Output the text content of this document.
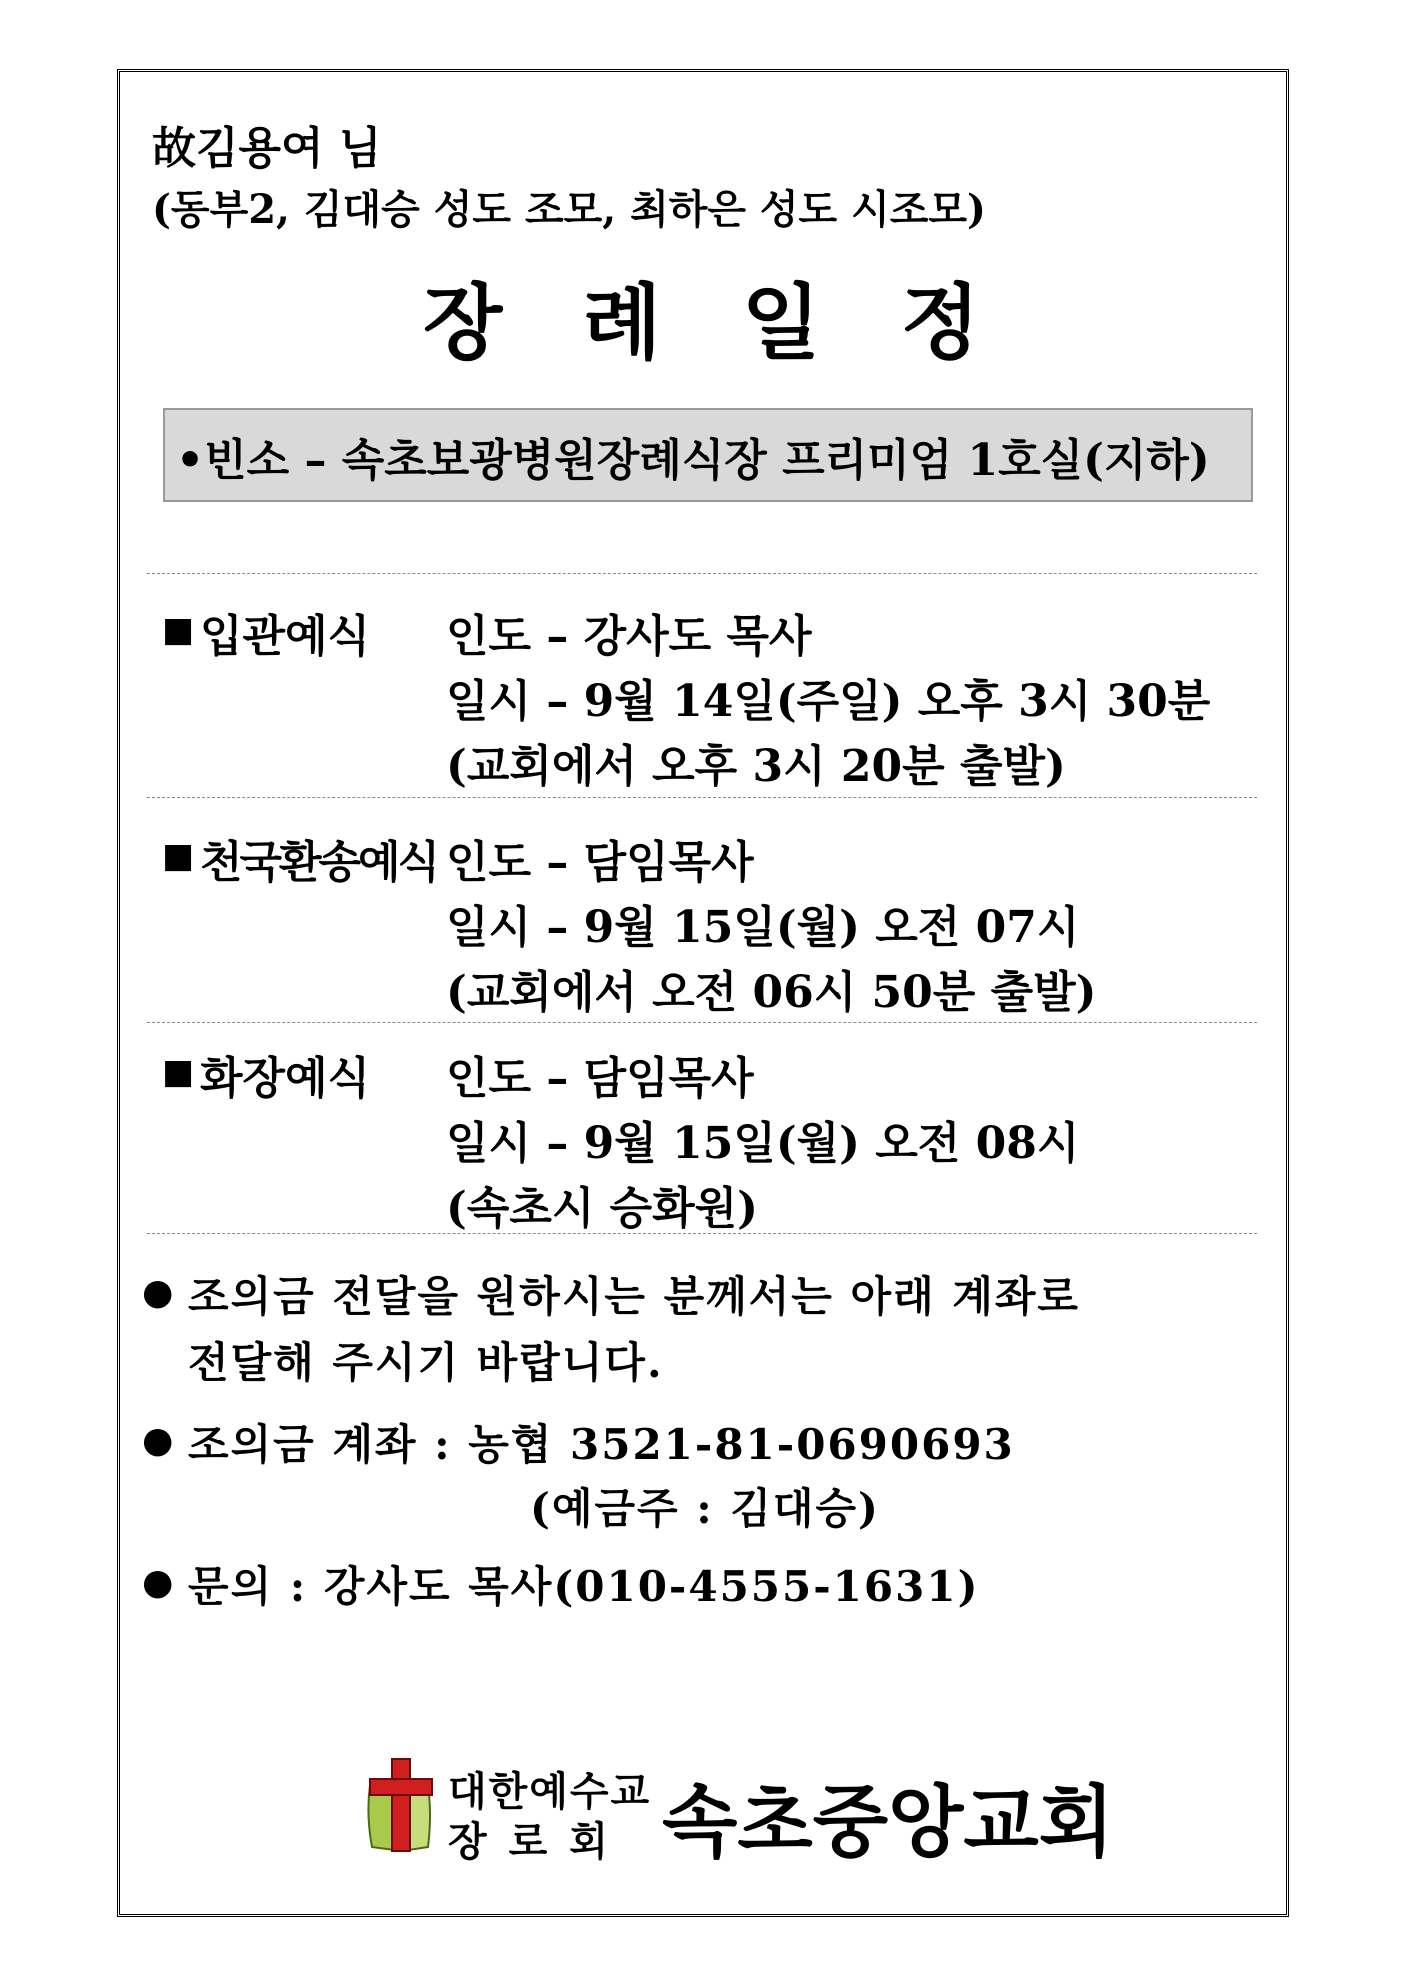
故김용여 님
(동부2, 김대승 성도 조모, 최하은 성도 시조모)
장례일정
•빈소 – 속초보광병원장례식장 프리미엄 1호실(지하)
■ 입관예식 인도 – 강사도 목사
일시 – 9월 14일(주일) 오후 3시 30분
(교회에서 오후 3시 20분 출발)
■ 천국환송예식 인도 – 담임목사
일시 – 9월 15일(월) 오전 07시
(교회에서 오전 06시 50분 출발)
■ 화장예식 인도 – 담임목사
일시 – 9월 15일(월) 오전 08시
(속초시 승화원)
● 조의금 전달을 원하시는 분께서는 아래 계좌로
전달해 주시기 바랍니다.
● 조의금 계좌 : 농협 3521-81-0690693
(예금주 : 김대승)
● 문의 : 강사도 목사(010-4555-1631)
대한예수교
장로회 속초중앙교회
